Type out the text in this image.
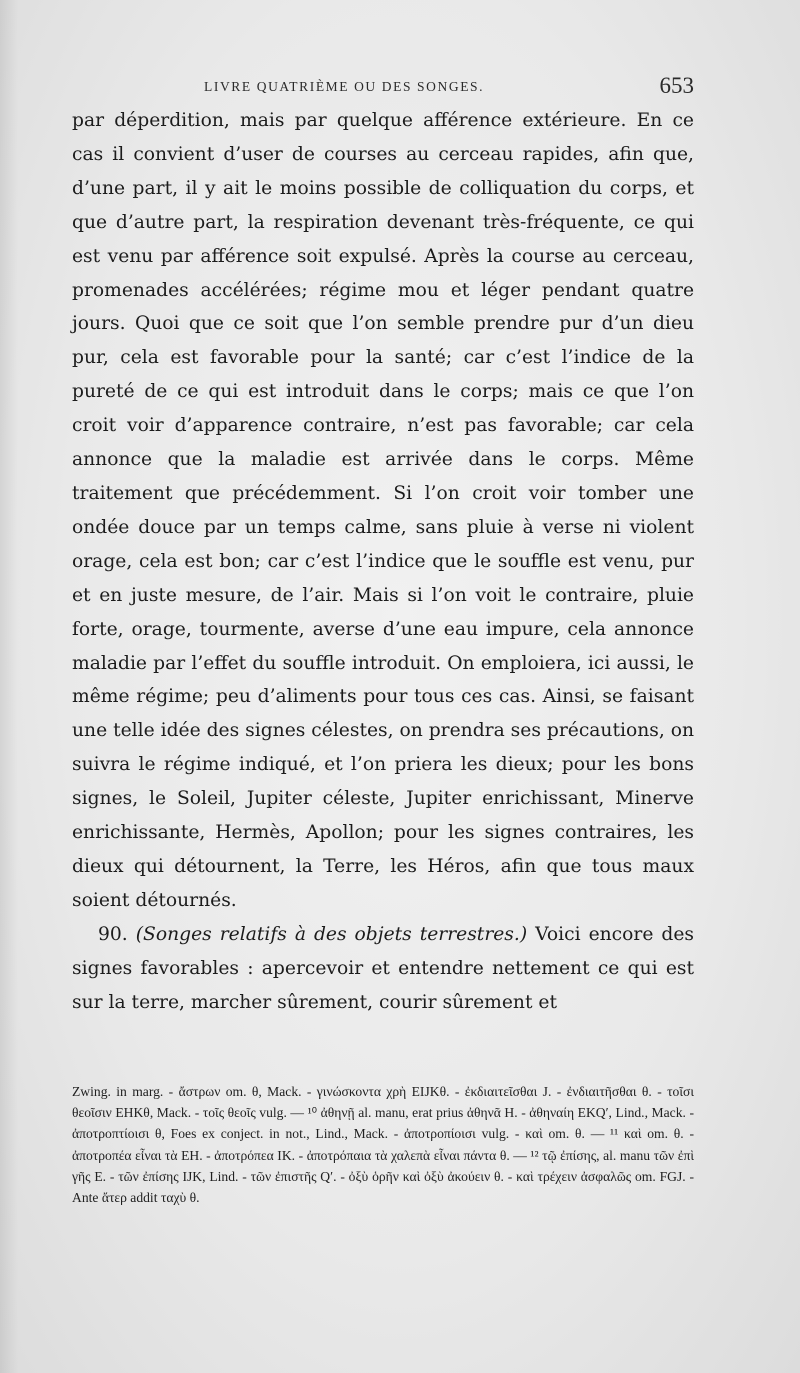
LIVRE QUATRIÈME OU DES SONGES.	653

par déperdition, mais par quelque afférence extérieure. En ce cas il convient d’user de courses au cerceau rapides, afin que, d’une part, il y ait le moins possible de colliquation du corps, et que d’autre part, la respiration devenant très-fréquente, ce qui est venu par afférence soit expulsé. Après la course au cerceau, promenades accélérées; régime mou et léger pendant quatre jours. Quoi que ce soit que l’on semble prendre pur d’un dieu pur, cela est favorable pour la santé; car c’est l’indice de la pureté de ce qui est introduit dans le corps; mais ce que l’on croit voir d’apparence contraire, n’est pas favorable; car cela annonce que la maladie est arrivée dans le corps. Même traitement que précédemment. Si l’on croit voir tomber une ondée douce par un temps calme, sans pluie à verse ni violent orage, cela est bon; car c’est l’indice que le souffle est venu, pur et en juste mesure, de l’air. Mais si l’on voit le contraire, pluie forte, orage, tourmente, averse d’une eau impure, cela annonce maladie par l’effet du souffle introduit. On emploiera, ici aussi, le même régime; peu d’aliments pour tous ces cas. Ainsi, se faisant une telle idée des signes célestes, on prendra ses précautions, on suivra le régime indiqué, et l’on priera les dieux; pour les bons signes, le Soleil, Jupiter céleste, Jupiter enrichissant, Minerve enrichissante, Hermès, Apollon; pour les signes contraires, les dieux qui détournent, la Terre, les Héros, afin que tous maux soient détournés.

90. (Songes relatifs à des objets terrestres.) Voici encore des signes favorables : apercevoir et entendre nettement ce qui est sur la terre, marcher sûrement, courir sûrement et

Zwing. in marg. - ἄστρων om. θ, Mack. - γινώσκοντα χρὴ EIJKθ. - ἐκδιαιτεῖσθαι J. - ἐνδιαιτῆσθαι θ. - τοῖσι θεοῖσιν EHKθ, Mack. - τοῖς θεοῖς vulg. — ¹⁰ ἀθηνῇ al. manu, erat prius ἀθηνᾶ H. - ἀθηναίη EKQ′, Lind., Mack. - ἀποτροπτίοισι θ, Foes ex conject. in not., Lind., Mack. - ἀποτροπίοισι vulg. - καὶ om. θ. — ¹¹ καὶ om. θ. - ἀποτροπέα εἶναι τὰ EH. - ἀποτρόπεα IK. - ἀποτρόπαια τὰ χαλεπὰ εἶναι πάντα θ. — ¹² τῷ ἐπίσης, al. manu τῶν ἐπὶ γῆς E. - τῶν ἐπίσης IJK, Lind. - τῶν ἐπιστῆς Q′. - ὀξὺ ὁρῆν καὶ ὀξὺ ἀκούειν θ. - καὶ τρέχειν ἀσφαλῶς om. FGJ. - Ante ἄτερ addit ταχὺ θ.
